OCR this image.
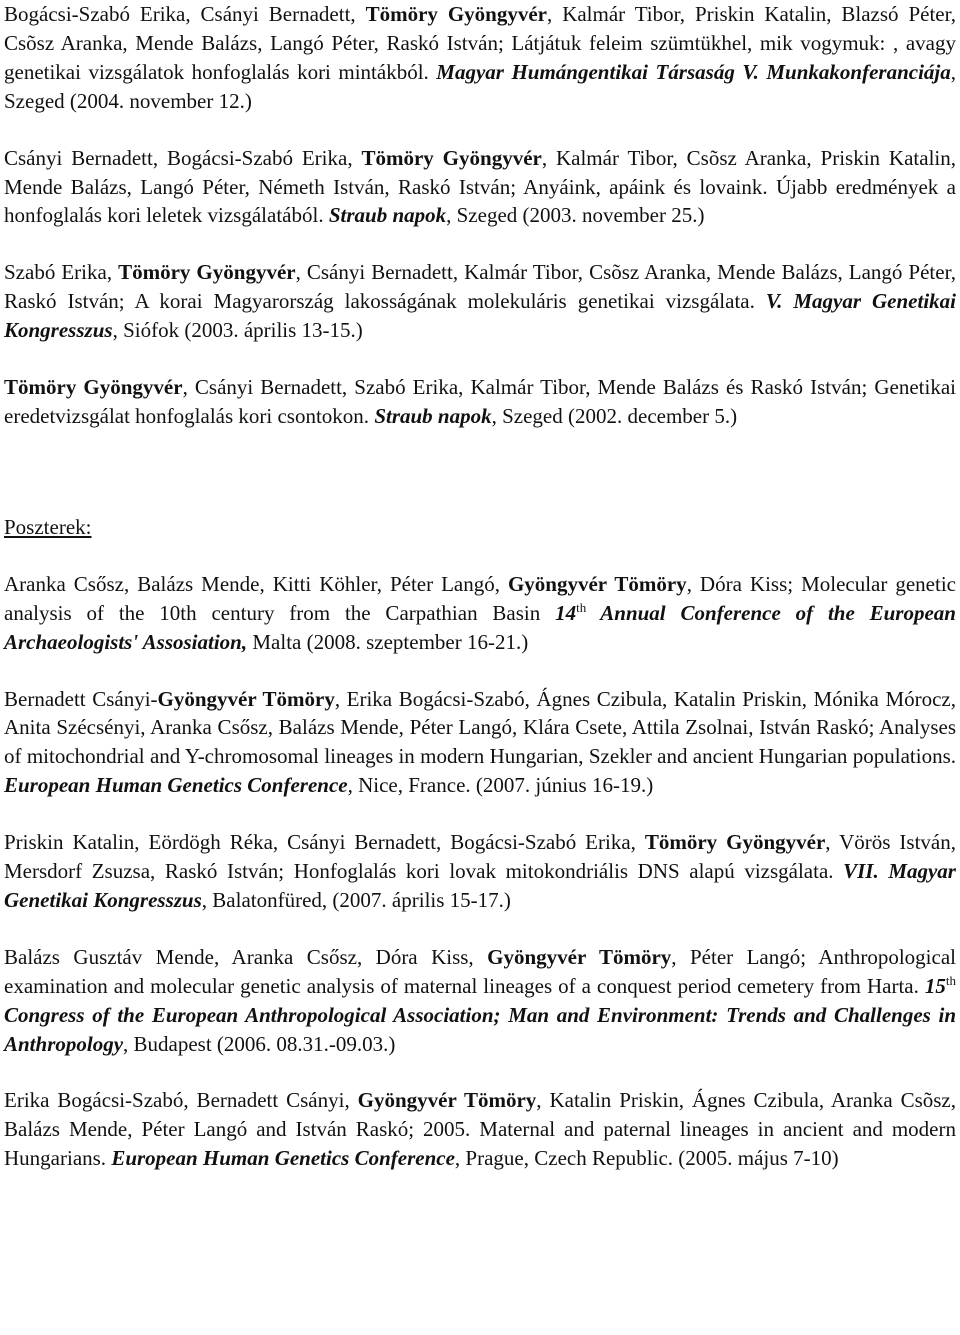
Bogácsi-Szabó Erika, Csányi Bernadett, Tömöry Gyöngyvér, Kalmár Tibor, Priskin Katalin, Blazsó Péter, Csõsz Aranka, Mende Balázs, Langó Péter, Raskó István; Látjátuk feleim szümtükhel, mik vogymuk: , avagy genetikai vizsgálatok honfoglalás kori mintákból. Magyar Humángentikai Társaság V. Munkakonferanciája, Szeged (2004. november 12.)

Csányi Bernadett, Bogácsi-Szabó Erika, Tömöry Gyöngyvér, Kalmár Tibor, Csõsz Aranka, Priskin Katalin, Mende Balázs, Langó Péter, Németh István, Raskó István; Anyáink, apáink és lovaink. Újabb eredmények a honfoglalás kori leletek vizsgálatából. Straub napok, Szeged (2003. november 25.)

Szabó Erika, Tömöry Gyöngyvér, Csányi Bernadett, Kalmár Tibor, Csõsz Aranka, Mende Balázs, Langó Péter, Raskó István; A korai Magyarország lakosságának molekuláris genetikai vizsgálata. V. Magyar Genetikai Kongresszus, Siófok (2003. április 13-15.)

Tömöry Gyöngyvér, Csányi Bernadett, Szabó Erika, Kalmár Tibor, Mende Balázs és Raskó István; Genetikai eredetvizsgálat honfoglalás kori csontokon. Straub napok, Szeged (2002. december 5.)

Poszterek:

Aranka Csősz, Balázs Mende, Kitti Köhler, Péter Langó, Gyöngyvér Tömöry, Dóra Kiss; Molecular genetic analysis of the 10th century from the Carpathian Basin 14th Annual Conference of the European Archaeologists' Assosiation, Malta (2008. szeptember 16-21.)

Bernadett Csányi-Gyöngyvér Tömöry, Erika Bogácsi-Szabó, Ágnes Czibula, Katalin Priskin, Mónika Mórocz, Anita Szécsényi, Aranka Csősz, Balázs Mende, Péter Langó, Klára Csete, Attila Zsolnai, István Raskó; Analyses of mitochondrial and Y-chromosomal lineages in modern Hungarian, Szekler and ancient Hungarian populations. European Human Genetics Conference, Nice, France. (2007. június 16-19.)

Priskin Katalin, Eördögh Réka, Csányi Bernadett, Bogácsi-Szabó Erika, Tömöry Gyöngyvér, Vörös István, Mersdorf Zsuzsa, Raskó István; Honfoglalás kori lovak mitokondriális DNS alapú vizsgálata. VII. Magyar Genetikai Kongresszus, Balatonfüred, (2007. április 15-17.)

Balázs Gusztáv Mende, Aranka Csősz, Dóra Kiss, Gyöngyvér Tömöry, Péter Langó; Anthropological examination and molecular genetic analysis of maternal lineages of a conquest period cemetery from Harta. 15th Congress of the European Anthropological Association; Man and Environment: Trends and Challenges in Anthropology, Budapest (2006. 08.31.-09.03.)

Erika Bogácsi-Szabó, Bernadett Csányi, Gyöngyvér Tömöry, Katalin Priskin, Ágnes Czibula, Aranka Csõsz, Balázs Mende, Péter Langó and István Raskó; 2005. Maternal and paternal lineages in ancient and modern Hungarians. European Human Genetics Conference, Prague, Czech Republic. (2005. május 7-10)
